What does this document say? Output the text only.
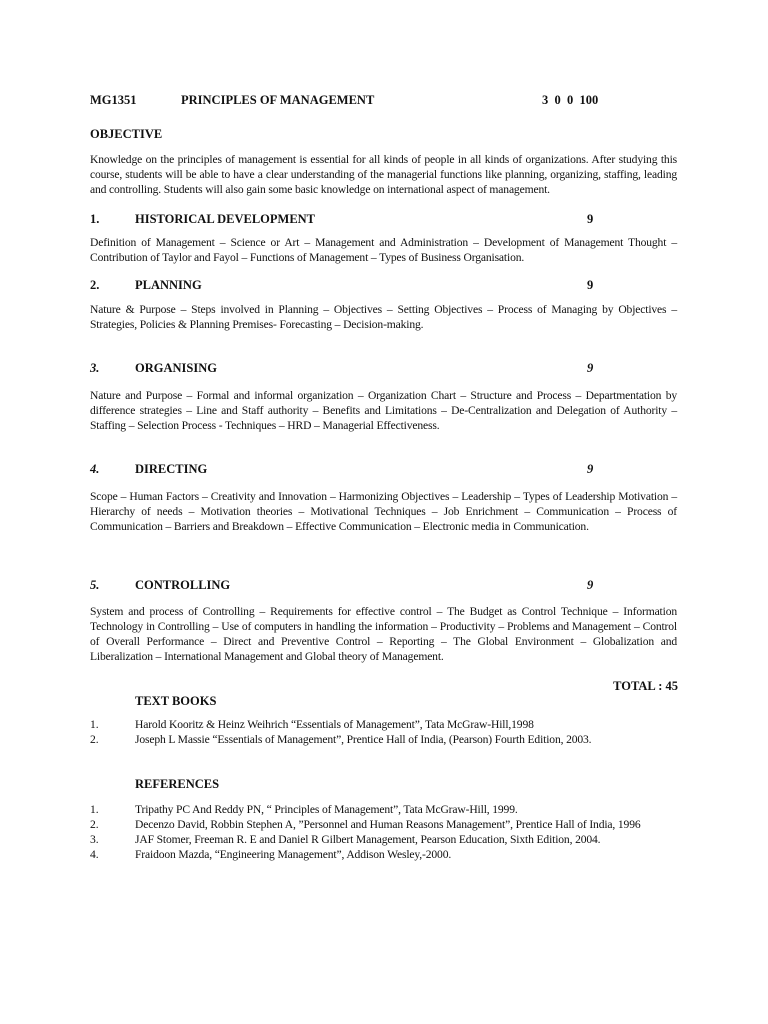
MG1351	PRINCIPLES OF MANAGEMENT	3  0  0  100
OBJECTIVE
Knowledge on the principles of management is essential for all kinds of people in all kinds of organizations. After studying this course, students will be able to have a clear understanding of the managerial functions like planning, organizing, staffing, leading and controlling. Students will also gain some basic knowledge on international aspect of management.
1.	HISTORICAL DEVELOPMENT	9
Definition of Management – Science or Art – Management and Administration – Development of Management Thought – Contribution of Taylor and Fayol – Functions of Management – Types of Business Organisation.
2.	PLANNING	9
Nature & Purpose – Steps involved in Planning – Objectives – Setting Objectives – Process of Managing by Objectives – Strategies, Policies & Planning Premises- Forecasting – Decision-making.
3.	ORGANISING	9
Nature and Purpose – Formal and informal organization – Organization Chart – Structure and Process – Departmentation by difference strategies – Line and Staff authority – Benefits and Limitations – De-Centralization and Delegation of Authority – Staffing – Selection Process - Techniques – HRD – Managerial Effectiveness.
4.	DIRECTING	9
Scope – Human Factors – Creativity and Innovation – Harmonizing Objectives – Leadership – Types of Leadership Motivation – Hierarchy of needs – Motivation theories – Motivational Techniques – Job Enrichment – Communication – Process of Communication – Barriers and Breakdown – Effective Communication – Electronic media in Communication.
5.	CONTROLLING	9
System and process of Controlling – Requirements for effective control – The Budget as Control Technique – Information Technology in Controlling – Use of computers in handling the information – Productivity – Problems and Management – Control of Overall Performance – Direct and Preventive Control – Reporting – The Global Environment – Globalization and Liberalization – International Management and Global theory of Management.
TOTAL : 45
TEXT BOOKS
1.	Harold Kooritz & Heinz Weihrich “Essentials of Management”, Tata McGraw-Hill,1998
2.	Joseph L Massie “Essentials of Management”, Prentice Hall of India, (Pearson) Fourth Edition, 2003.
REFERENCES
1.	Tripathy PC And Reddy PN, “ Principles of Management”, Tata McGraw-Hill, 1999.
2.	Decenzo David, Robbin Stephen A, ”Personnel and Human Reasons Management”, Prentice Hall of India, 1996
3.	JAF Stomer, Freeman R. E and Daniel R Gilbert Management, Pearson Education, Sixth Edition, 2004.
4.	Fraidoon Mazda, “Engineering Management”, Addison Wesley,-2000.
